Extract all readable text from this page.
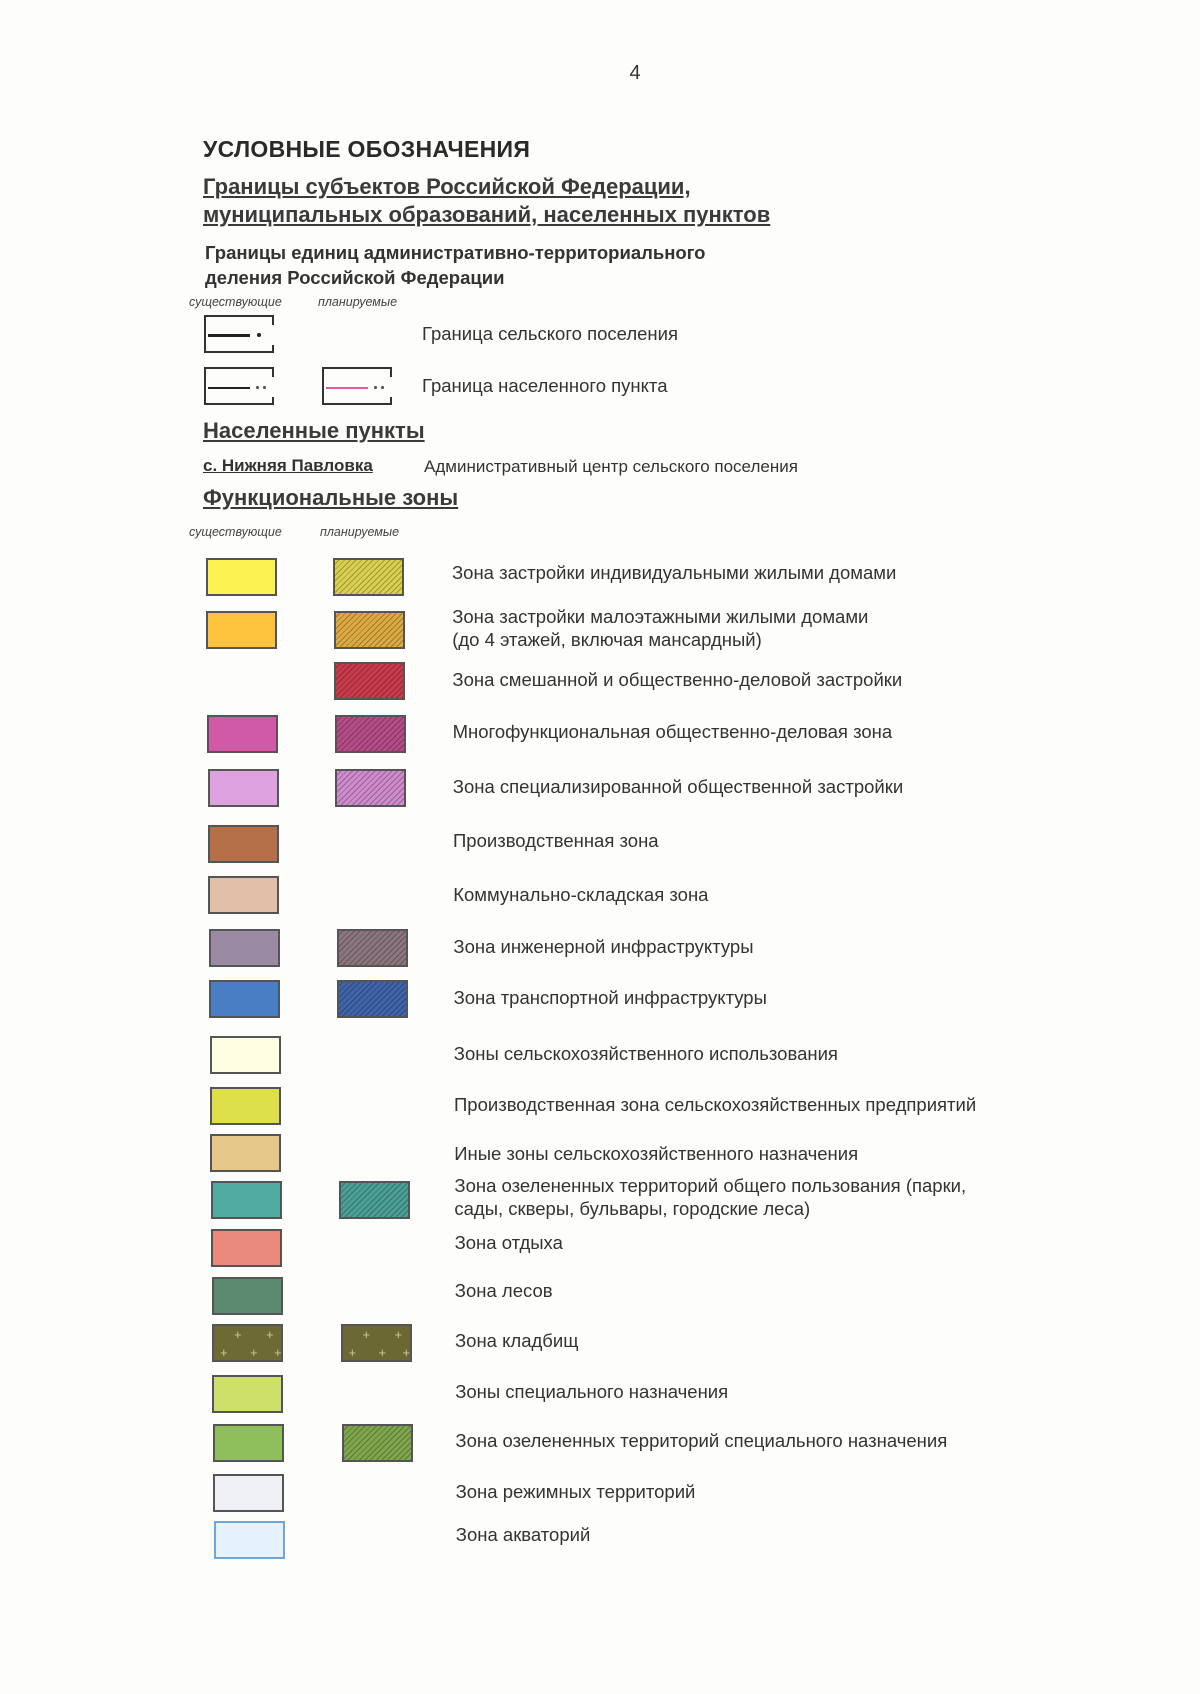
4
УСЛОВНЫЕ ОБОЗНАЧЕНИЯ
Границы субъектов Российской Федерации,
муниципальных образований, населенных пунктов
Границы единиц административно-территориального
деления Российской Федерации
существующие	планируемые
Граница сельского поселения
Граница населенного пункта
Населенные пункты
с. Нижняя Павловка	Административный центр сельского поселения
Функциональные зоны
существующие	планируемые
Зона застройки индивидуальными жилыми домами
Зона застройки малоэтажными жилыми домами
(до 4 этажей, включая мансардный)
Зона смешанной и общественно-деловой застройки
Многофункциональная общественно-деловая зона
Зона специализированной общественной застройки
Производственная зона
Коммунально-складская зона
Зона инженерной инфраструктуры
Зона транспортной инфраструктуры
Зоны сельскохозяйственного использования
Производственная зона сельскохозяйственных предприятий
Иные зоны сельскохозяйственного назначения
Зона озелененных территорий общего пользования (парки,
сады, скверы, бульвары, городские леса)
Зона отдыха
Зона лесов
+ +
+ + +
+ +
+ + +
Зона кладбищ
Зоны специального назначения
Зона озелененных территорий специального назначения
Зона режимных территорий
Зона акваторий
